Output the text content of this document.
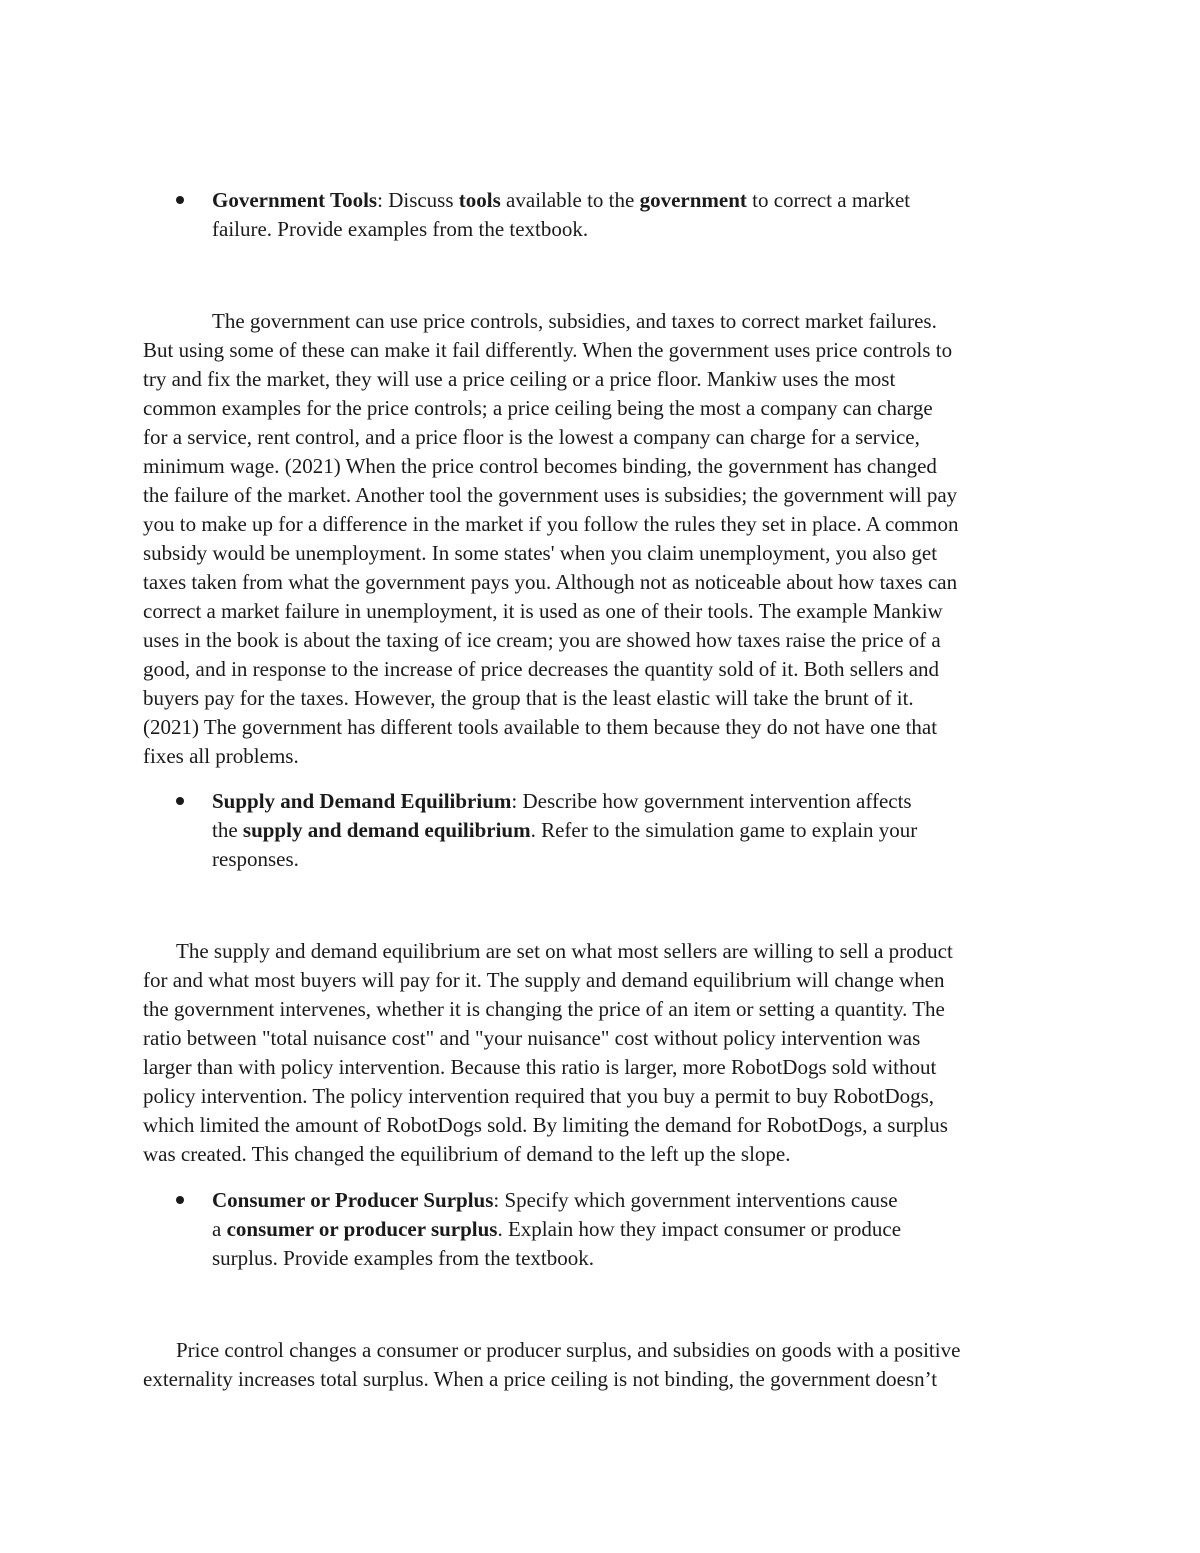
Government Tools: Discuss tools available to the government to correct a market
failure. Provide examples from the textbook.
The government can use price controls, subsidies, and taxes to correct market failures.
But using some of these can make it fail differently. When the government uses price controls to
try and fix the market, they will use a price ceiling or a price floor. Mankiw uses the most
common examples for the price controls; a price ceiling being the most a company can charge
for a service, rent control, and a price floor is the lowest a company can charge for a service,
minimum wage. (2021) When the price control becomes binding, the government has changed
the failure of the market. Another tool the government uses is subsidies; the government will pay
you to make up for a difference in the market if you follow the rules they set in place. A common
subsidy would be unemployment. In some states' when you claim unemployment, you also get
taxes taken from what the government pays you. Although not as noticeable about how taxes can
correct a market failure in unemployment, it is used as one of their tools. The example Mankiw
uses in the book is about the taxing of ice cream; you are showed how taxes raise the price of a
good, and in response to the increase of price decreases the quantity sold of it. Both sellers and
buyers pay for the taxes. However, the group that is the least elastic will take the brunt of it.
(2021) The government has different tools available to them because they do not have one that
fixes all problems.
Supply and Demand Equilibrium: Describe how government intervention affects
the supply and demand equilibrium. Refer to the simulation game to explain your
responses.
The supply and demand equilibrium are set on what most sellers are willing to sell a product
for and what most buyers will pay for it. The supply and demand equilibrium will change when
the government intervenes, whether it is changing the price of an item or setting a quantity. The
ratio between "total nuisance cost" and "your nuisance" cost without policy intervention was
larger than with policy intervention. Because this ratio is larger, more RobotDogs sold without
policy intervention. The policy intervention required that you buy a permit to buy RobotDogs,
which limited the amount of RobotDogs sold. By limiting the demand for RobotDogs, a surplus
was created. This changed the equilibrium of demand to the left up the slope.
Consumer or Producer Surplus: Specify which government interventions cause
a consumer or producer surplus. Explain how they impact consumer or produce
surplus. Provide examples from the textbook.
Price control changes a consumer or producer surplus, and subsidies on goods with a positive
externality increases total surplus. When a price ceiling is not binding, the government doesn’t
